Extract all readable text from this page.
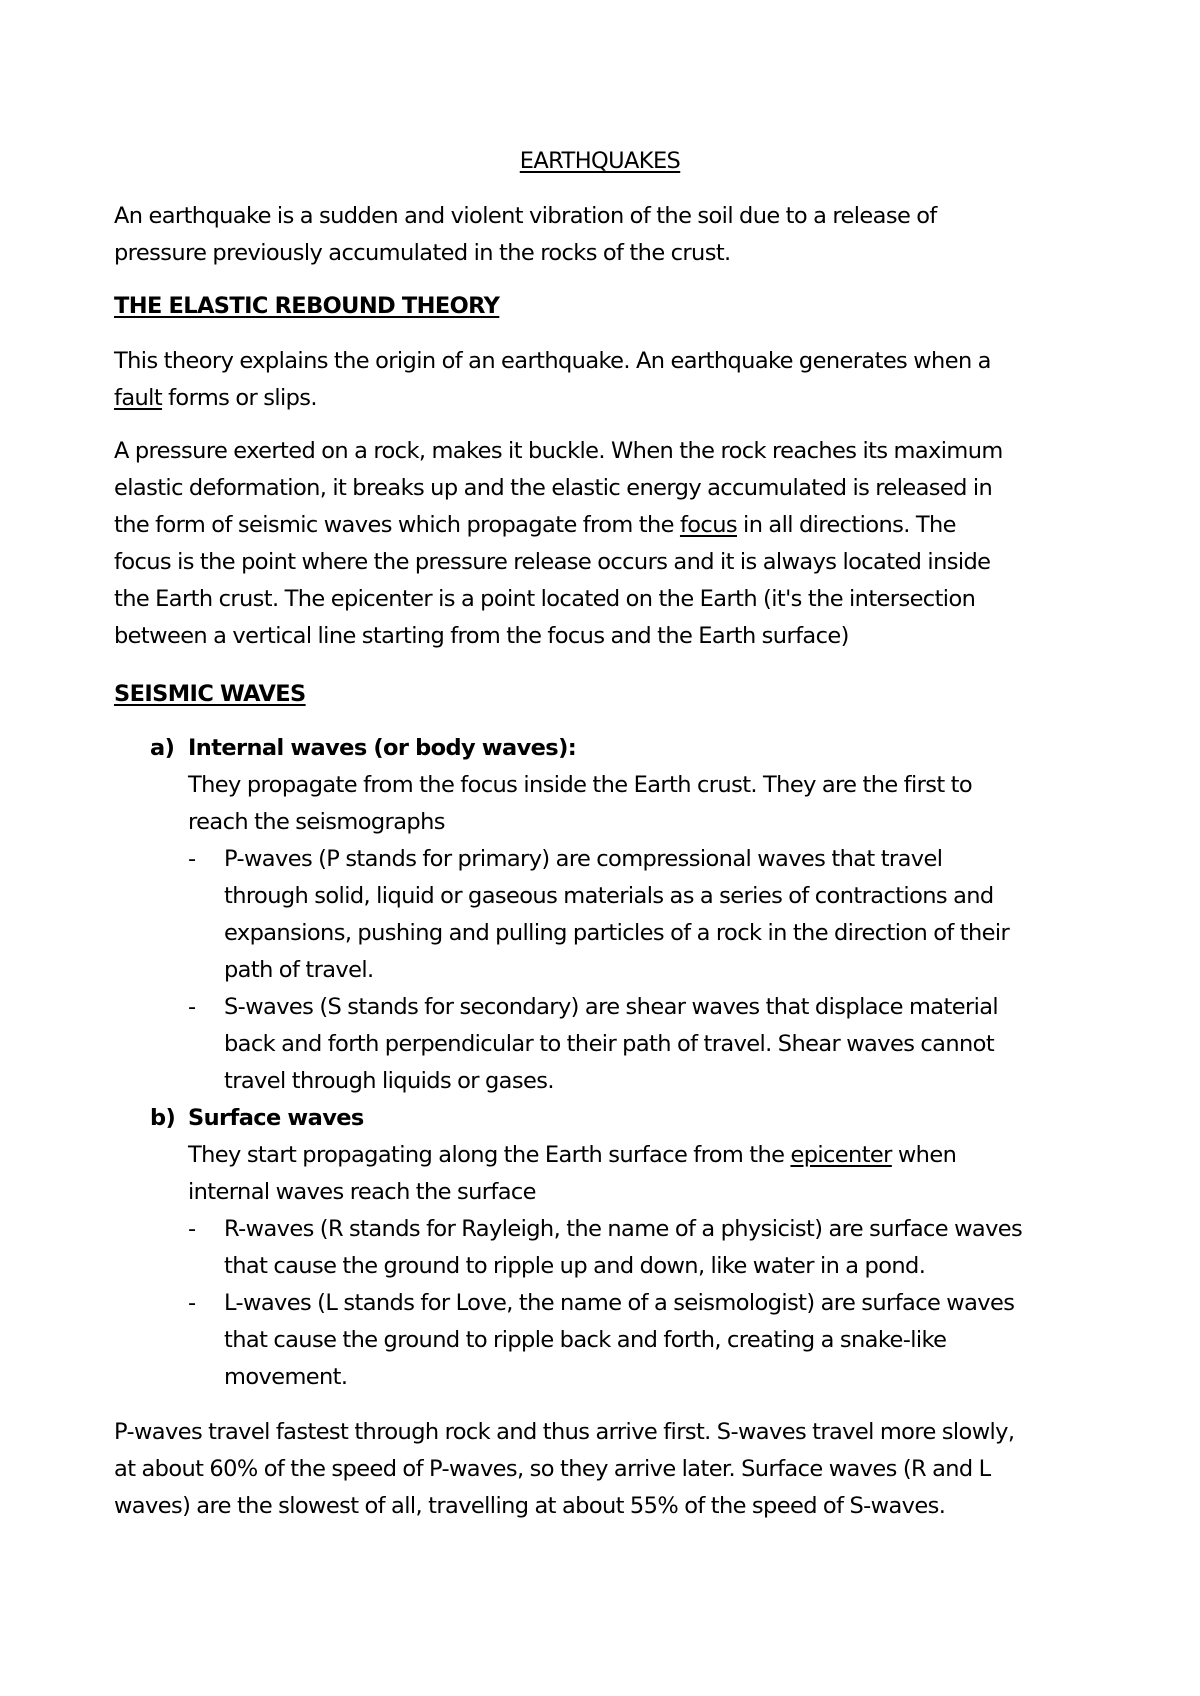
EARTHQUAKES
An earthquake is a sudden and violent vibration of the soil due to a release of
pressure previously accumulated in the rocks of the crust.
THE ELASTIC REBOUND THEORY
This theory explains the origin of an earthquake. An earthquake generates when a
fault forms or slips.
A pressure exerted on a rock, makes it buckle. When the rock reaches its maximum
elastic deformation, it breaks up and the elastic energy accumulated is released in
the form of seismic waves which propagate from the focus in all directions. The
focus is the point where the pressure release occurs and it is always located inside
the Earth crust. The epicenter is a point located on the Earth (it's the intersection
between a vertical line starting from the focus and the Earth surface)
SEISMIC WAVES
a) Internal waves (or body waves):
They propagate from the focus inside the Earth crust. They are the first to
reach the seismographs
- P-waves (P stands for primary) are compressional waves that travel
through solid, liquid or gaseous materials as a series of contractions and
expansions, pushing and pulling particles of a rock in the direction of their
path of travel.
- S-waves (S stands for secondary) are shear waves that displace material
back and forth perpendicular to their path of travel. Shear waves cannot
travel through liquids or gases.
b) Surface waves
They start propagating along the Earth surface from the epicenter when
internal waves reach the surface
- R-waves (R stands for Rayleigh, the name of a physicist) are surface waves
that cause the ground to ripple up and down, like water in a pond.
- L-waves (L stands for Love, the name of a seismologist) are surface waves
that cause the ground to ripple back and forth, creating a snake-like
movement.
P-waves travel fastest through rock and thus arrive first. S-waves travel more slowly,
at about 60% of the speed of P-waves, so they arrive later. Surface waves (R and L
waves) are the slowest of all, travelling at about 55% of the speed of S-waves.
